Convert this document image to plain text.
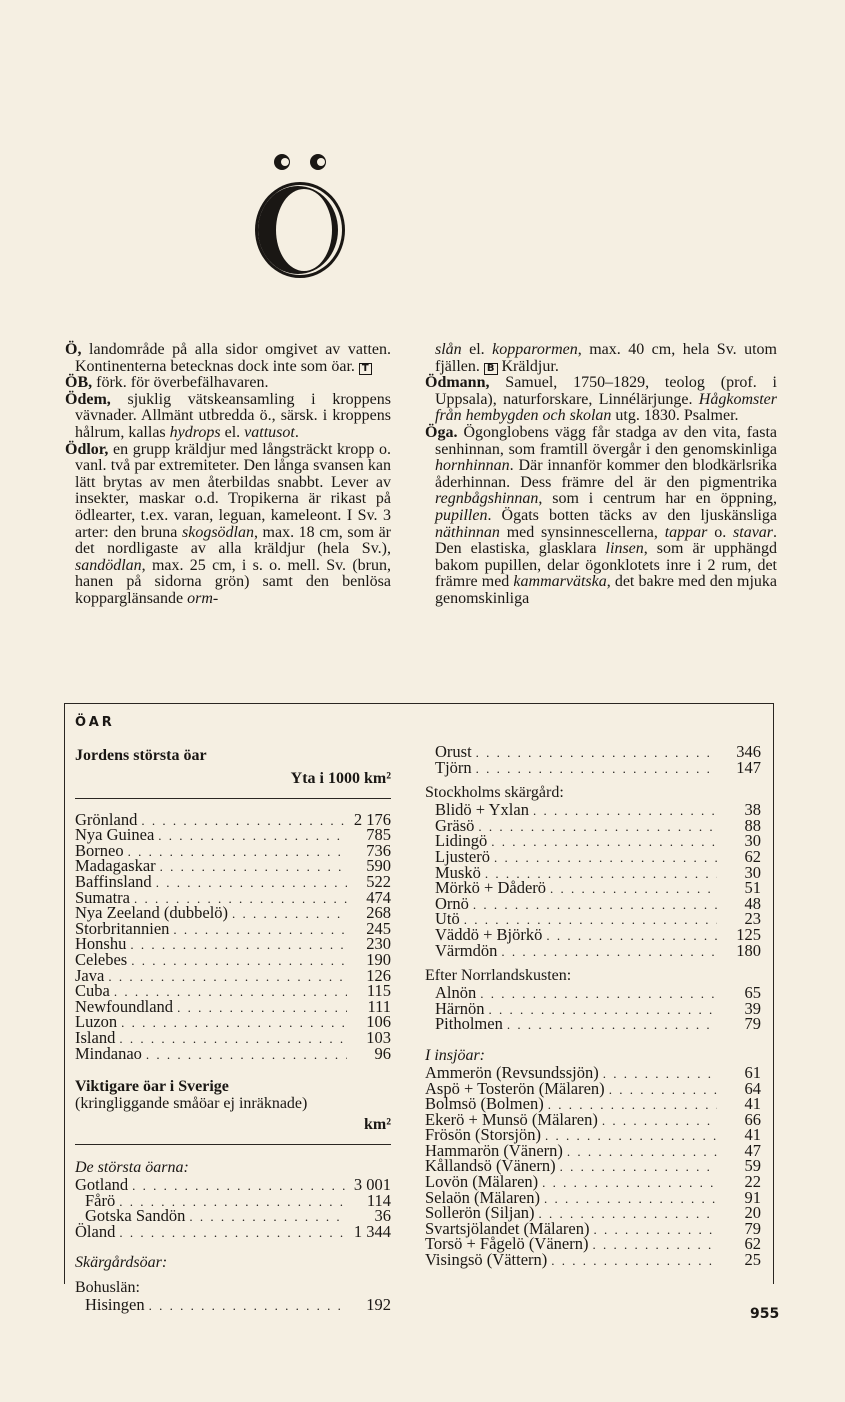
Ö, landområde på alla sidor omgivet av vatten. Kontinenterna betecknas dock inte som öar. T

ÖB, förk. för överbefälhavaren.

Ödem, sjuklig vätskeansamling i kroppens vävnader. Allmänt utbredda ö., särsk. i kroppens hålrum, kallas hydrops el. vattusot.

Ödlor, en grupp kräldjur med långsträckt kropp o. vanl. två par extremiteter. Den långa svansen kan lätt brytas av men återbildas snabbt. Lever av insekter, maskar o.d. Tropikerna är rikast på ödlearter, t.ex. varan, leguan, kameleont. I Sv. 3 arter: den bruna skogsödlan, max. 18 cm, som är det nordligaste av alla kräldjur (hela Sv.), sandödlan, max. 25 cm, i s. o. mell. Sv. (brun, hanen på sidorna grön) samt den benlösa kopparglänsande orm-

slån el. kopparormen, max. 40 cm, hela Sv. utom fjällen. B Kräldjur.

Ödmann, Samuel, 1750–1829, teolog (prof. i Uppsala), naturforskare, Linnélärjunge. Hågkomster från hembygden och skolan utg. 1830. Psalmer.

Öga. Ögonglobens vägg får stadga av den vita, fasta senhinnan, som framtill övergår i den genomskinliga hornhinnan. Där innanför kommer den blodkärlsrika åderhinnan. Dess främre del är den pigmentrika regnbågshinnan, som i centrum har en öppning, pupillen. Ögats botten täcks av den ljuskänsliga näthinnan med synsinnescellerna, tappar o. stavar. Den elastiska, glasklara linsen, som är upphängd bakom pupillen, delar ögonklotets inre i 2 rum, det främre med kammarvätska, det bakre med den mjuka genomskinliga

ÖAR
Jordens största öar
Yta i 1000 km²
Grönland . . .	2 176
Nya Guinea . . .	785
Borneo . . .	736
Madagaskar . . .	590
Baffinsland . . .	522
Sumatra . . .	474
Nya Zeeland (dubbelö) . . .	268
Storbritannien . . .	245
Honshu . . .	230
Celebes . . .	190
Java . . .	126
Cuba . . .	115
Newfoundland . . .	111
Luzon . . .	106
Island . . .	103
Mindanao . . .	96
Viktigare öar i Sverige
(kringliggande småöar ej inräknade)
km²
De största öarna:
Gotland . . .	3 001
Fårö . . .	114
Gotska Sandön . . .	36
Öland . . .	1 344
Skärgårdsöar:
Bohuslän:
Hisingen . . .	192
Orust . . .	346
Tjörn . . .	147
Stockholms skärgård:
Blidö + Yxlan . . .	38
Gräsö . . .	88
Lidingö . . .	30
Ljusterö . . .	62
Muskö . . .	30
Mörkö + Dåderö . . .	51
Ornö . . .	48
Utö . . .	23
Väddö + Björkö . . .	125
Värmdön . . .	180
Efter Norrlandskusten:
Alnön . . .	65
Härnön . . .	39
Pitholmen . . .	79
I insjöar:
Ammerön (Revsundssjön) . . .	61
Aspö + Tosterön (Mälaren) . . .	64
Bolmsö (Bolmen) . . .	41
Ekerö + Munsö (Mälaren) . . .	66
Frösön (Storsjön) . . .	41
Hammarön (Vänern) . . .	47
Kållandsö (Vänern) . . .	59
Lovön (Mälaren) . . .	22
Selaön (Mälaren) . . .	91
Sollerön (Siljan) . . .	20
Svartsjölandet (Mälaren) . . .	79
Torsö + Fågelö (Vänern) . . .	62
Visingsö (Vättern) . . .	25
955
